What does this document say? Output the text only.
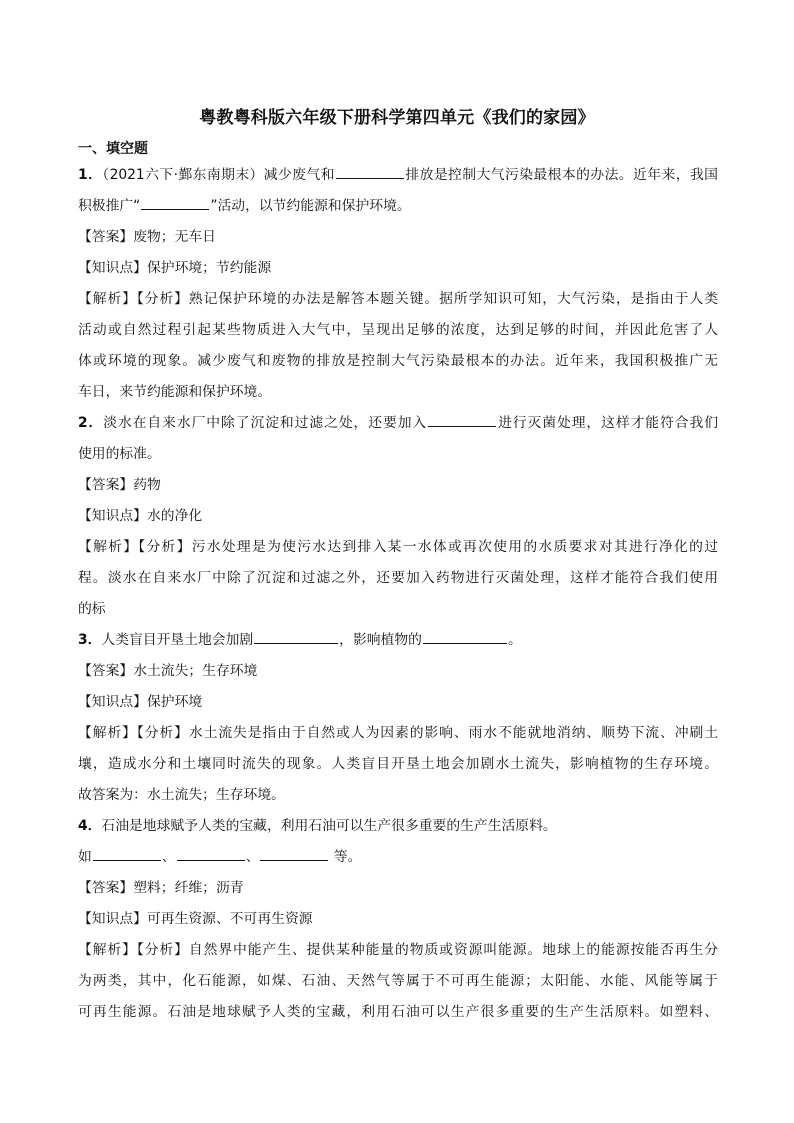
粤教粤科版六年级下册科学第四单元《我们的家园》
一、填空题
1．（2021六下·鄞东南期末）减少废气和	排放是控制大气污染最根本的办法。近年来，我国
积极推广“	”活动，以节约能源和保护环境。
【答案】废物；无车日
【知识点】保护环境；节约能源
【解析】【分析】熟记保护环境的办法是解答本题关键。据所学知识可知，大气污染，是指由于人类
活动或自然过程引起某些物质进入大气中，呈现出足够的浓度，达到足够的时间，并因此危害了人
体或环境的现象。减少废气和废物的排放是控制大气污染最根本的办法。近年来，我国积极推广无
车日，来节约能源和保护环境。
2．淡水在自来水厂中除了沉淀和过滤之处，还要加入	进行灭菌处理，这样才能符合我们
使用的标准。
【答案】药物
【知识点】水的净化
【解析】【分析】污水处理是为使污水达到排入某一水体或再次使用的水质要求对其进行净化的过
程。淡水在自来水厂中除了沉淀和过滤之外，还要加入药物进行灭菌处理，这样才能符合我们使用
的标
3．人类盲目开垦土地会加剧	，影响植物的	。
【答案】水土流失；生存环境
【知识点】保护环境
【解析】【分析】水土流失是指由于自然或人为因素的影响、雨水不能就地消纳、顺势下流、冲刷土
壤，造成水分和土壤同时流失的现象。人类盲目开垦土地会加剧水土流失，影响植物的生存环境。
故答案为：水土流失；生存环境。
4．石油是地球赋予人类的宝藏，利用石油可以生产很多重要的生产生活原料。
如	、	、	等。
【答案】塑料；纤维；沥青
【知识点】可再生资源、不可再生资源
【解析】【分析】自然界中能产生、提供某种能量的物质或资源叫能源。地球上的能源按能否再生分
为两类，其中，化石能源，如煤、石油、天然气等属于不可再生能源；太阳能、水能、风能等属于
可再生能源。石油是地球赋予人类的宝藏，利用石油可以生产很多重要的生产生活原料。如塑料、
